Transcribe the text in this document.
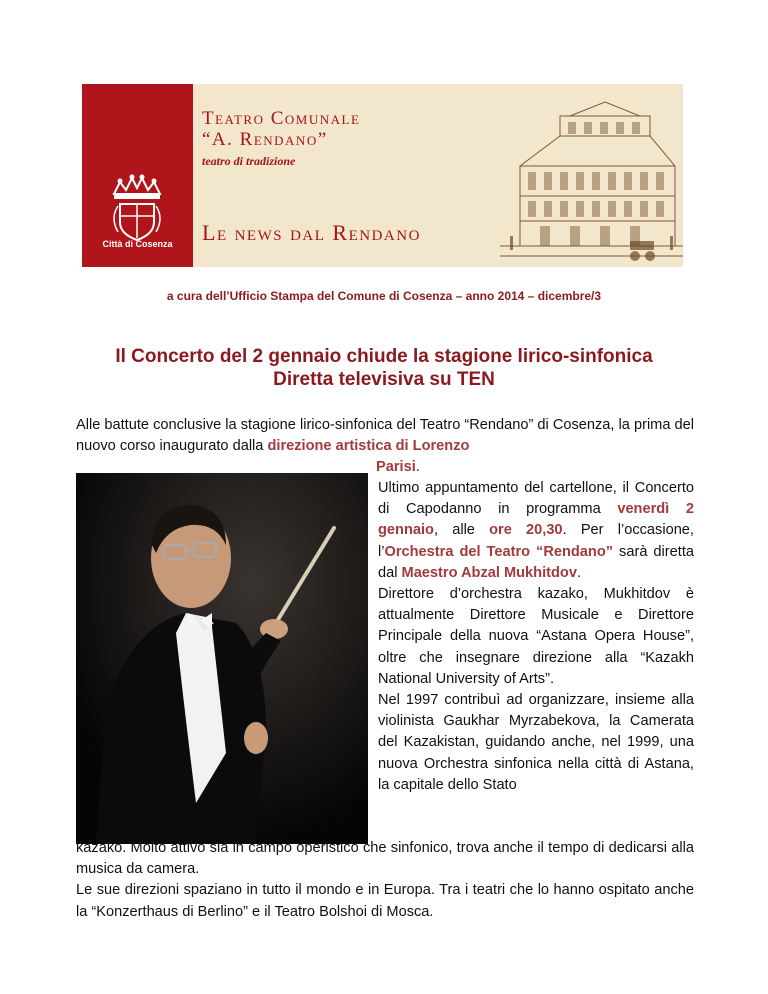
Città di Cosenza
Teatro Comunale
“A. Rendano”
teatro di tradizione
Le news dal Rendano
a cura dell’Ufficio Stampa del Comune di Cosenza – anno 2014 – dicembre/3
Il Concerto del 2 gennaio chiude la stagione lirico-sinfonica
Diretta televisiva su TEN
Alle battute conclusive la stagione lirico-sinfonica del Teatro “Rendano” di Cosenza, la prima del nuovo corso inaugurato dalla direzione artistica di Lorenzo
Parisi.

Ultimo appuntamento del cartellone, il Concerto di Capodanno in programma venerdì 2 gennaio, alle ore 20,30. Per l’occasione, l’Orchestra del Teatro “Rendano” sarà diretta dal Maestro Abzal Mukhitdov.

Direttore d’orchestra kazako, Mukhitdov è attualmente Direttore Musicale e Direttore Principale della nuova “Astana Opera House”, oltre che insegnare direzione alla “Kazakh National University of Arts”.

Nel 1997 contribuì ad organizzare, insieme alla violinista Gaukhar Myrzabekova, la Camerata del Kazakistan, guidando anche, nel 1999, una nuova Orchestra sinfonica nella città di Astana, la capitale dello Stato

kazako. Molto attivo sia in campo operistico che sinfonico, trova anche il tempo di dedicarsi alla musica da camera.

Le sue direzioni spaziano in tutto il mondo e in Europa. Tra i teatri che lo hanno ospitato anche la “Konzerthaus di Berlino” e il Teatro Bolshoi di Mosca.
